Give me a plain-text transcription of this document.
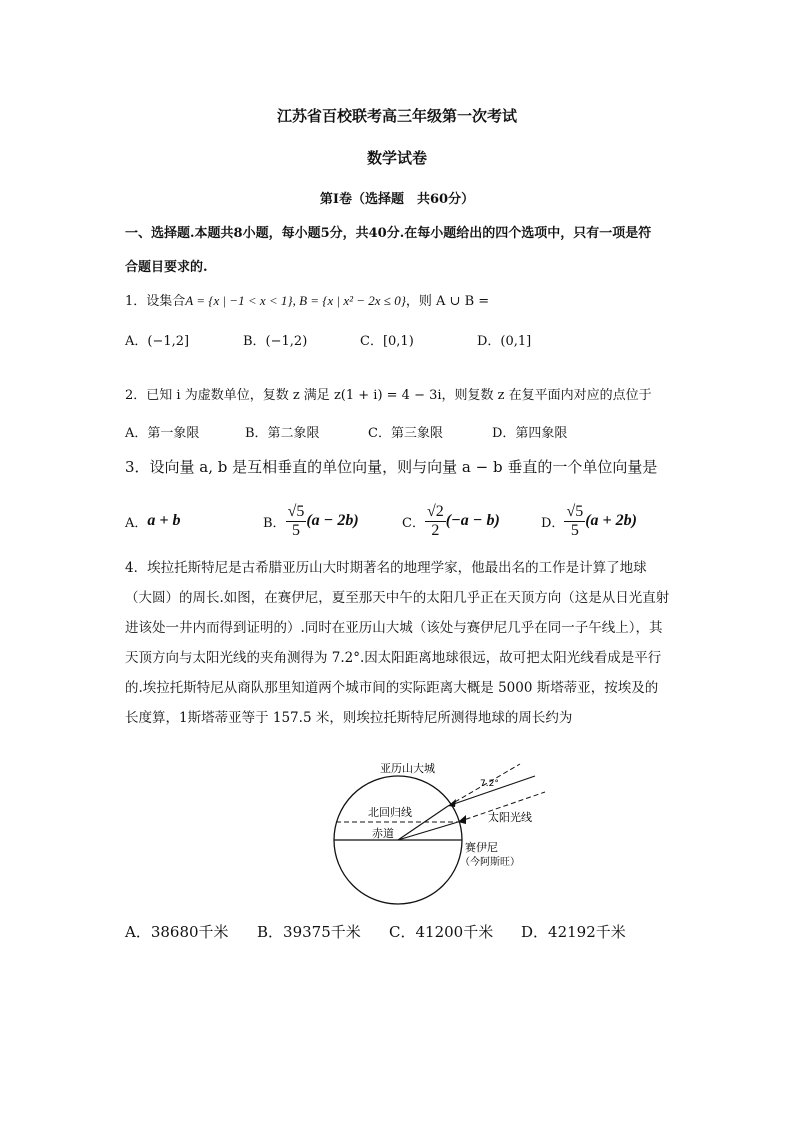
江苏省百校联考高三年级第一次考试
数学试卷
第Ⅰ卷（选择题　共60分）
一、选择题.本题共8小题，每小题5分，共40分.在每小题给出的四个选项中，只有一项是符
合题目要求的.
1．设集合A = {x | −1 < x < 1}, B = {x | x² − 2x ≤ 0}，则 A ∪ B =
A．(−1,2]	B．(−1,2)	C．[0,1)	D．(0,1]
2．已知 i 为虚数单位，复数 z 满足 z(1 + i) = 4 − 3i，则复数 z 在复平面内对应的点位于
A．第一象限	B．第二象限	C．第三象限	D．第四象限
3．设向量 a, b 是互相垂直的单位向量，则与向量 a − b 垂直的一个单位向量是
A． a + b	B． $\frac{√5}{5} (a - 2b)$	C． $\frac{√2}{2} (-a - b)$	D． $\frac{√5}{5} (a + 2b)$
4．埃拉托斯特尼是古希腊亚历山大时期著名的地理学家，他最出名的工作是计算了地球（大圆）的周长.如图，在赛伊尼，夏至那天中午的太阳几乎正在天顶方向（这是从日光直射进该处一井内而得到证明的）.同时在亚历山大城（该处与赛伊尼几乎在同一子午线上），其天顶方向与太阳光线的夹角测得为 7.2°.因太阳距离地球很远，故可把太阳光线看成是平行的.埃拉托斯特尼从商队那里知道两个城市间的实际距离大概是 5000 斯塔蒂亚，按埃及的长度算，1斯塔蒂亚等于 157.5 米，则埃拉托斯特尼所测得地球的周长约为
亚历山大城
7.2°
北回归线	太阳光线
赤道
赛伊尼
（今阿斯旺）
A．38680千米 B．39375千米 C．41200千米 D．42192千米
